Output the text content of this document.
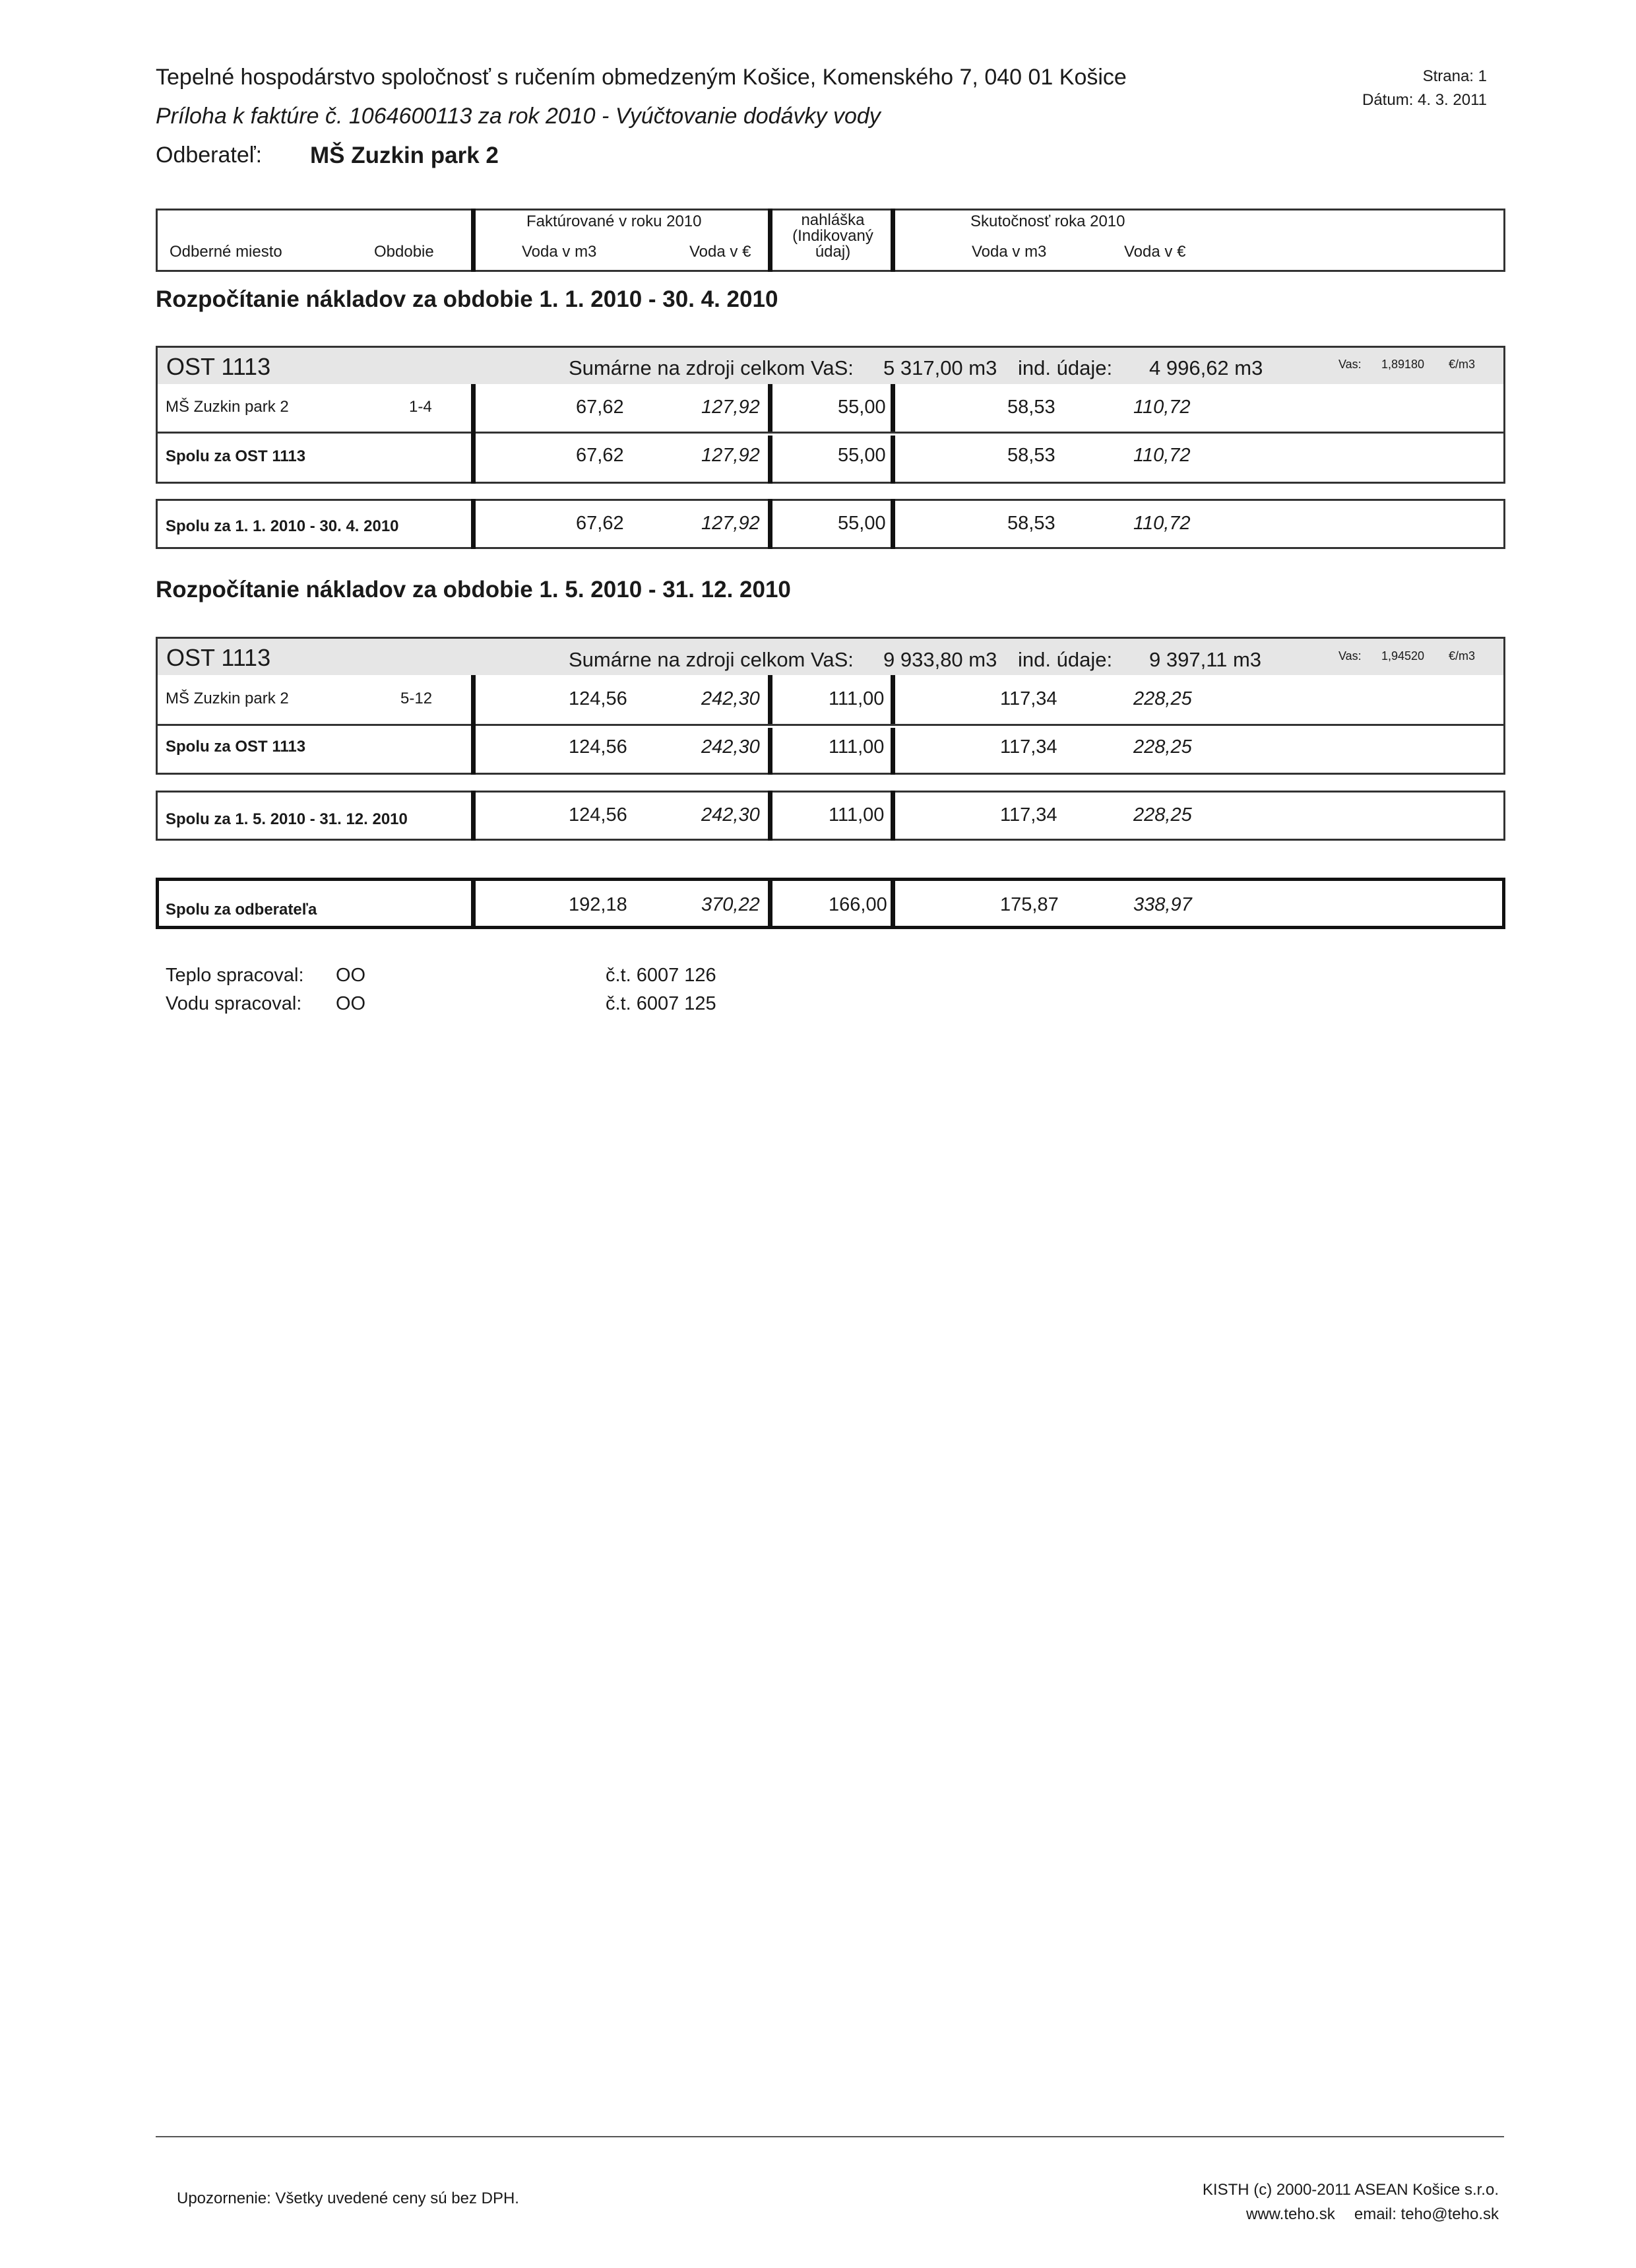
Tepelné hospodárstvo spoločnosť s ručením obmedzeným Košice, Komenského 7, 040 01 Košice
Príloha k faktúre č. 1064600113 za rok 2010 - Vyúčtovanie dodávky vody
Odberateľ: MŠ Zuzkin park 2
Strana: 1
Dátum: 4. 3. 2011
Odberné miesto	Obdobie
Faktúrované v roku 2010
Voda v m3	Voda v €
nahláška
(Indikovaný
údaj)
Skutočnosť roka 2010
Voda v m3	Voda v €
Rozpočítanie nákladov za obdobie 1. 1. 2010 - 30. 4. 2010
OST 1113	Sumárne na zdroji celkom VaS: 5 317,00 m3 ind. údaje: 4 996,62 m3	Vas: 1,89180 €/m3
MŠ Zuzkin park 2	1-4	67,62	127,92	55,00	58,53	110,72
Spolu za OST 1113	67,62	127,92	55,00	58,53	110,72
Spolu za 1. 1. 2010 - 30. 4. 2010	67,62	127,92	55,00	58,53	110,72
Rozpočítanie nákladov za obdobie 1. 5. 2010 - 31. 12. 2010
OST 1113	Sumárne na zdroji celkom VaS: 9 933,80 m3 ind. údaje: 9 397,11 m3	Vas: 1,94520 €/m3
MŠ Zuzkin park 2	5-12	124,56	242,30	111,00	117,34	228,25
Spolu za OST 1113	124,56	242,30	111,00	117,34	228,25
Spolu za 1. 5. 2010 - 31. 12. 2010	124,56	242,30	111,00	117,34	228,25
Spolu za odberateľa	192,18	370,22	166,00	175,87	338,97
Teplo spracoval: OO	č.t. 6007 126
Vodu spracoval: OO	č.t. 6007 125
Upozornenie: Všetky uvedené ceny sú bez DPH.	KISTH (c) 2000-2011 ASEAN Košice s.r.o.
www.teho.sk email: teho@teho.sk
